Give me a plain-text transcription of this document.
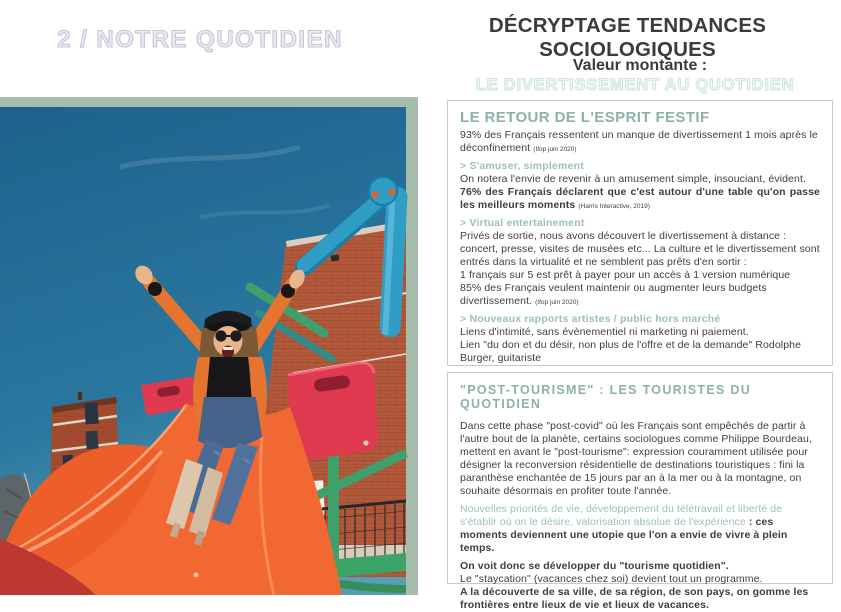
2 / NOTRE QUOTIDIEN
DÉCRYPTAGE TENDANCES SOCIOLOGIQUES
Valeur montante :
LE DIVERTISSEMENT AU QUOTIDIEN
LE RETOUR DE L'ESPRIT FESTIF

93% des Français ressentent un manque de divertissement 1 mois après le déconfinement (Ifop juin 2020)

> S'amuser, simplement

On notera l'envie de revenir à un amusement simple, insouciant, évident.

76% des Français déclarent que c'est autour d'une table qu'on passe les meilleurs moments (Harris Interactive, 2019)

> Virtual entertainement

Privés de sortie, nous avons découvert le divertissement à distance : concert, presse, visites de musées etc... La culture et le divertissement sont entrés dans la virtualité et ne semblent pas prêts d'en sortir :

1 français sur 5 est prêt à payer pour un accès à 1 version numérique

85% des Français veulent maintenir ou augmenter leurs budgets divertissement. (Ifop juin 2020)

> Nouveaux rapports artistes / public hors marché

Liens d'intimité, sans évènementiel ni marketing ni paiement.

Lien "du don et du désir, non plus de l'offre et de la demande" Rodolphe Burger, guitariste

"POST-TOURISME" : LES TOURISTES DU QUOTIDIEN

Dans cette phase "post-covid" où les Français sont empêchés de partir à l'autre bout de la planète, certains sociologues comme Philippe Bourdeau, mettent en avant le "post-tourisme": expression couramment utilisée pour désigner la reconversion résidentielle de destinations touristiques : fini la paranthèse enchantée de 15 jours par an à la mer ou à la montagne, on souhaite désormais en profiter toute l'année.

Nouvelles priorités de vie, développement du télétravail et liberté de s'établir où on le désire, valorisation absolue de l'expérience : ces moments deviennent une utopie que l'on a envie de vivre à plein temps.

On voit donc se développer du "tourisme quotidien".

Le "staycation" (vacances chez soi) devient tout un programme.

A la découverte de sa ville, de sa région, de son pays, on gomme les frontières entre lieux de vie et lieux de vacances.
